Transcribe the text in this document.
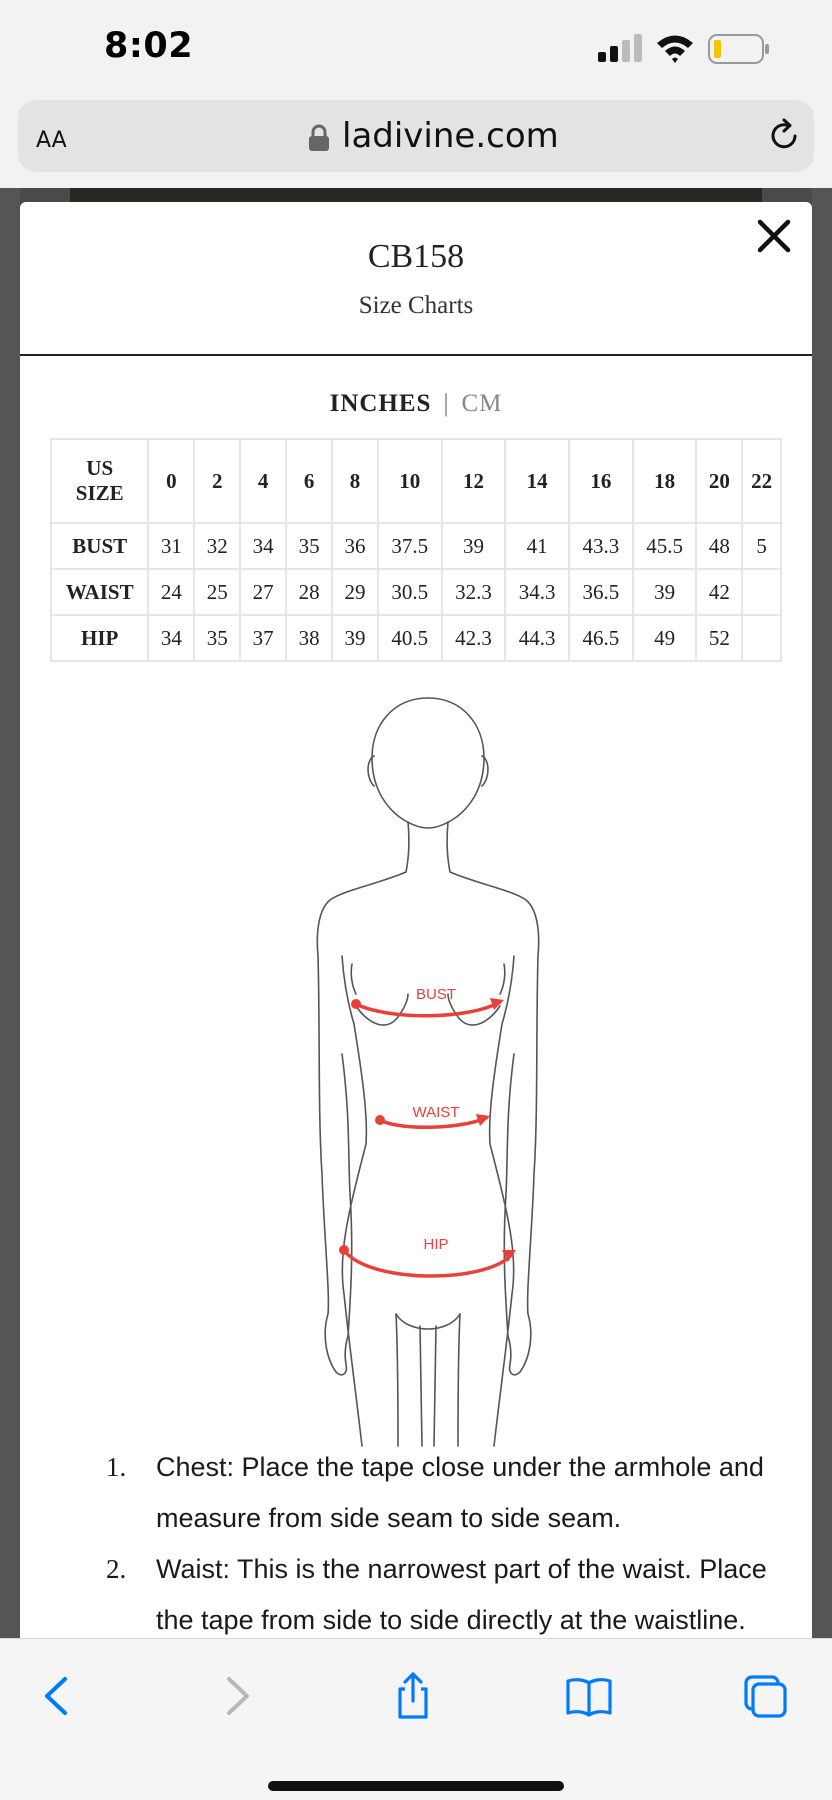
8:02
AA	ladivine.com
CB158
Size Charts
INCHES | CM
US
SIZE	0	2	4	6	8	10	12	14	16	18	20	22
BUST	31	32	34	35	36	37.5	39	41	43.3	45.5	48	5
WAIST	24	25	27	28	29	30.5	32.3	34.3	36.5	39	42	
HIP	34	35	37	38	39	40.5	42.3	44.3	46.5	49	52	
BUST
WAIST
HIP
1. Chest: Place the tape close under the armhole and measure from side seam to side seam.
2. Waist: This is the narrowest part of the waist. Place the tape from side to side directly at the waistline.
